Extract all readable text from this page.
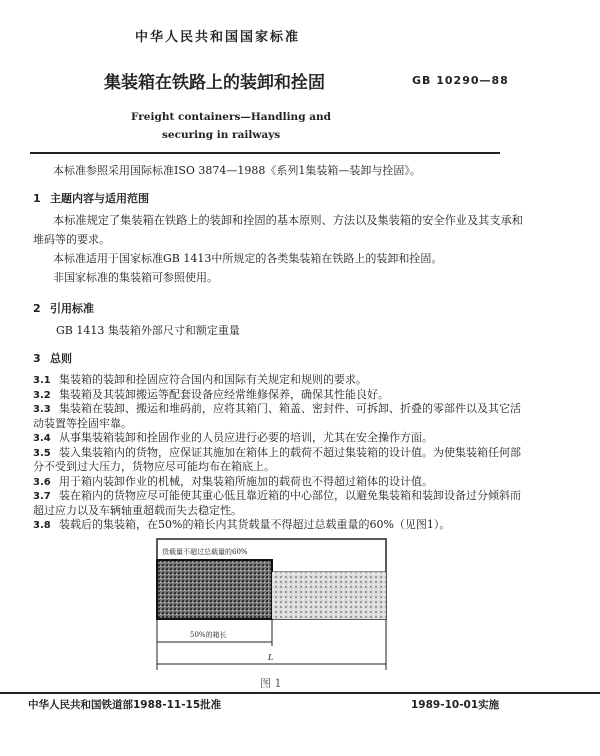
中华人民共和国国家标准
集装箱在铁路上的装卸和拴固	GB 10290—88
Freight containers—Handling and
securing in railways
本标准参照采用国际标准ISO 3874—1988《系列1集装箱—装卸与拴固》。
1 主题内容与适用范围
本标准规定了集装箱在铁路上的装卸和拴固的基本原则、方法以及集装箱的安全作业及其支承和
堆码等的要求。
本标准适用于国家标准GB 1413中所规定的各类集装箱在铁路上的装卸和拴固。
非国家标准的集装箱可参照使用。
2 引用标准
GB 1413 集装箱外部尺寸和额定重量
3 总则
3.1 集装箱的装卸和拴固应符合国内和国际有关规定和规则的要求。
3.2 集装箱及其装卸搬运等配套设备应经常维修保养，确保其性能良好。
3.3 集装箱在装卸、搬运和堆码前，应将其箱门、箱盖、密封件、可拆卸、折叠的零部件以及其它活
动装置等拴固牢靠。
3.4 从事集装箱装卸和拴固作业的人员应进行必要的培训，尤其在安全操作方面。
3.5 装入集装箱内的货物，应保证其施加在箱体上的载荷不超过集装箱的设计值。为使集装箱任何部
分不受到过大压力，货物应尽可能均布在箱底上。
3.6 用于箱内装卸作业的机械，对集装箱所施加的载荷也不得超过箱体的设计值。
3.7 装在箱内的货物应尽可能使其重心低且靠近箱的中心部位，以避免集装箱和装卸设备过分倾斜而
超过应力以及车辆轴重超载而失去稳定性。
3.8 装载后的集装箱，在50%的箱长内其货载量不得超过总载重量的60%（见图1）。
货载量不超过总载量的60%
50%的箱长
L
图 1
中华人民共和国铁道部1988-11-15批准	1989-10-01实施
